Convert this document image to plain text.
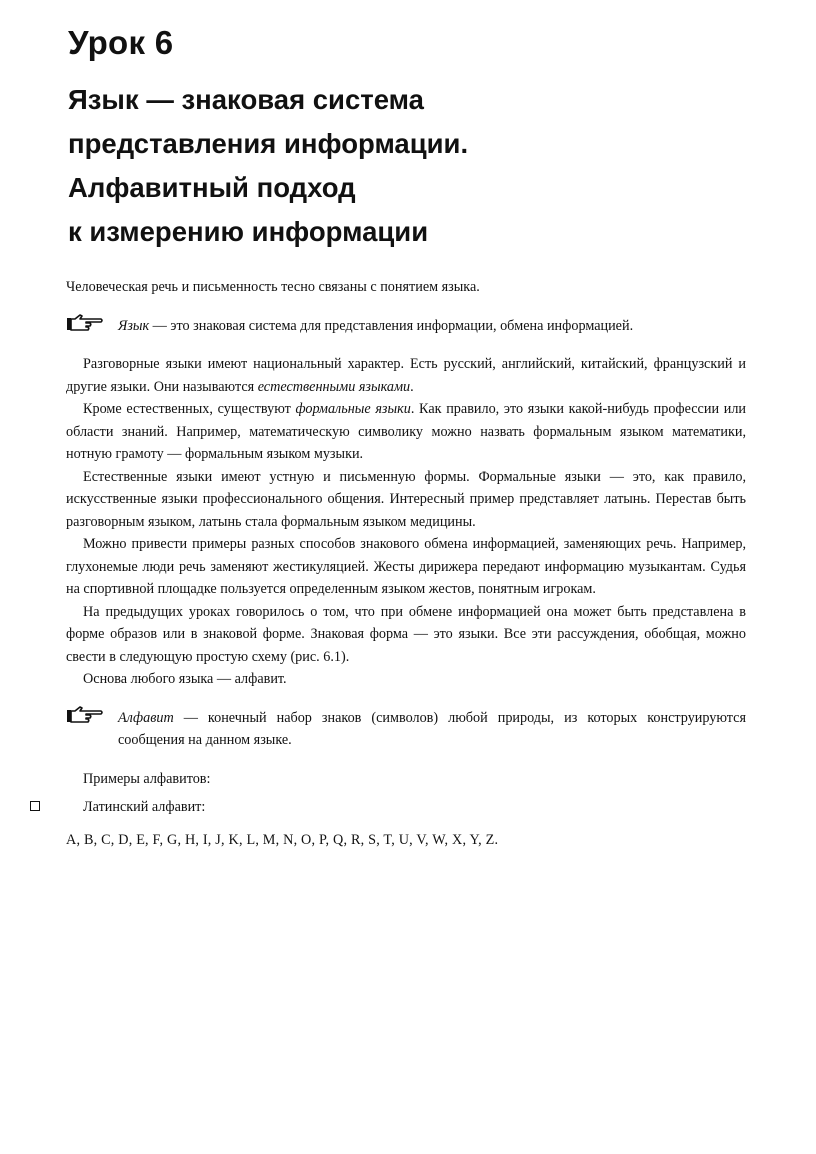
Урок 6
Язык — знаковая система
представления информации.
Алфавитный подход
к измерению информации

Человеческая речь и письменность тесно связаны с понятием языка.

Язык — это знаковая система для представления информации, обмена информацией.

Разговорные языки имеют национальный характер. Есть русский, английский, китайский, французский и другие языки. Они называются естественными языками.

Кроме естественных, существуют формальные языки. Как правило, это языки какой-нибудь профессии или области знаний. Например, математическую символику можно назвать формальным языком математики, нотную грамоту — формальным языком музыки.

Естественные языки имеют устную и письменную формы. Формальные языки — это, как правило, искусственные языки профессионального общения. Интересный пример представляет латынь. Перестав быть разговорным языком, латынь стала формальным языком медицины.

Можно привести примеры разных способов знакового обмена информацией, заменяющих речь. Например, глухонемые люди речь заменяют жестикуляцией. Жесты дирижера передают информацию музыкантам. Судья на спортивной площадке пользуется определенным языком жестов, понятным игрокам.

На предыдущих уроках говорилось о том, что при обмене информацией она может быть представлена в форме образов или в знаковой форме. Знаковая форма — это языки. Все эти рассуждения, обобщая, можно свести в следующую простую схему (рис. 6.1).

Основа любого языка — алфавит.

Алфавит — конечный набор знаков (символов) любой природы, из которых конструируются сообщения на данном языке.

Примеры алфавитов:

Латинский алфавит:

A, B, C, D, E, F, G, H, I, J, K, L, M, N, O, P, Q, R, S, T, U, V, W, X, Y, Z.
